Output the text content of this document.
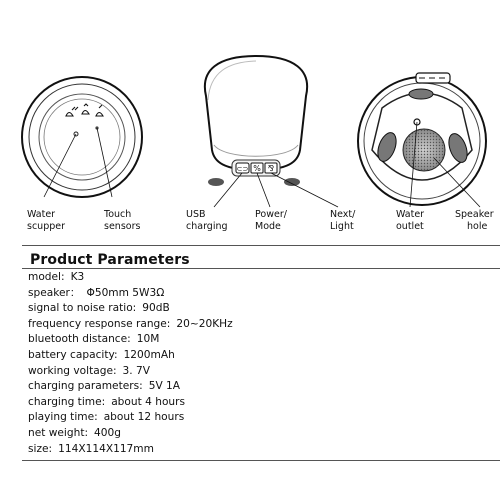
⊂⊃ % ⅋
Water
scupper
Touch
sensors
USB
charging
Power/
Mode
Next/
Light
Water
outlet
Speaker
hole
Product Parameters
model: K3
speaker： Φ50mm 5W3Ω
signal to noise ratio: 90dB
frequency response range: 20~20KHz
bluetooth distance: 10M
battery capacity: 1200mAh
working voltage: 3. 7V
charging parameters: 5V 1A
charging time: about 4 hours
playing time: about 12 hours
net weight: 400g
size: 114X114X117mm
